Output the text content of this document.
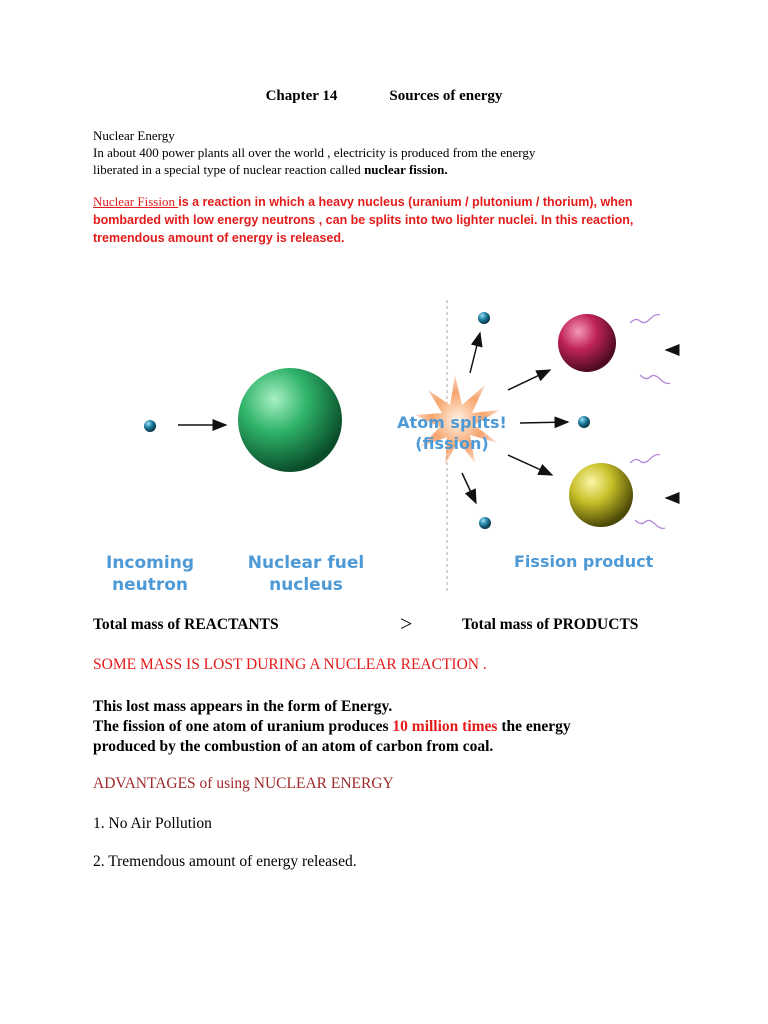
Chapter 14	Sources of energy
Nuclear Energy
In about 400 power plants all over the world , electricity is produced from the energy
liberated in a special type of nuclear reaction called nuclear fission.
Nuclear Fission is a reaction in which a heavy nucleus (uranium / plutonium / thorium), when bombarded with low energy neutrons , can be splits into two lighter nuclei. In this reaction, tremendous amount of energy is released.
Atom splits!
(fission)
Incoming
neutron
Nuclear fuel
nucleus
Fission product
Total mass of REACTANTS	>	Total mass of PRODUCTS
SOME MASS IS LOST DURING A NUCLEAR REACTION .
This lost mass appears in the form of Energy.
The fission of one atom of uranium produces 10 million times the energy
produced by the combustion of an atom of carbon from coal.
ADVANTAGES of using NUCLEAR ENERGY
1. No Air Pollution
2. Tremendous amount of energy released.
